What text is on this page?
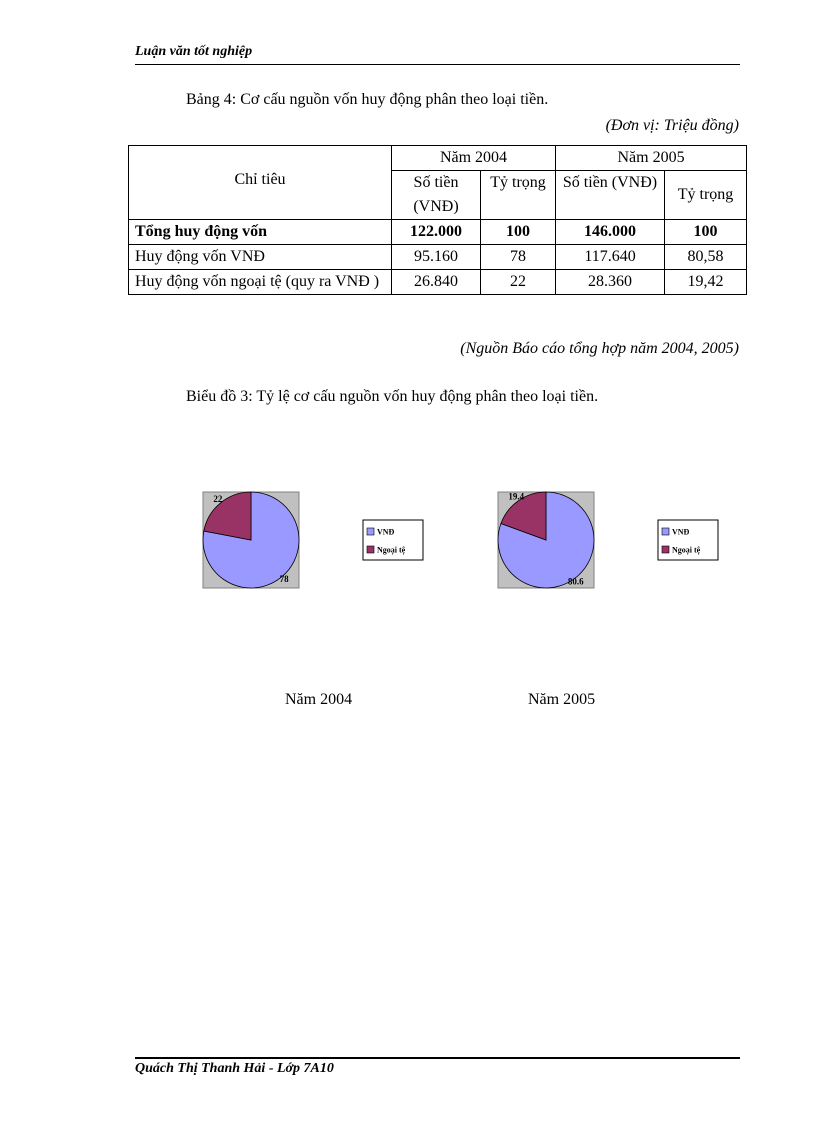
Luận văn tốt nghiệp
Bảng 4: Cơ cấu nguồn vốn huy động phân theo loại tiền.
(Đơn vị: Triệu đồng)
Chỉ tiêu	Năm 2004		Năm 2005	
	Số tiền (VNĐ)	Tỷ trọng	Số tiền (VNĐ)	Tỷ trọng
Tổng huy động vốn	122.000	100	146.000	100
Huy động vốn VNĐ	95.160	78	117.640	80,58
Huy động vốn ngoại tệ (quy ra VNĐ )	26.840	22	28.360	19,42
(Nguồn Báo cáo tổng hợp năm 2004, 2005)
Biểu đồ 3: Tỷ lệ cơ cấu nguồn vốn huy động phân theo loại tiền.
78
22
VNĐ
Ngoại tệ
80.6
19.4
VNĐ
Ngoại tệ
Năm 2004	Năm 2005
Quách Thị Thanh Hải - Lớp 7A10
